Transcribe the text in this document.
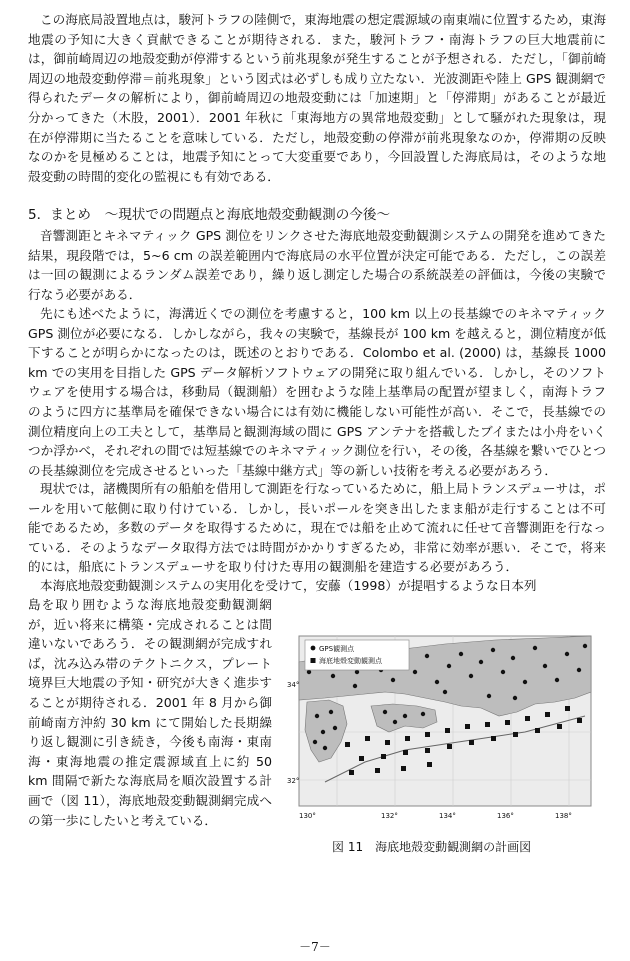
この海底局設置地点は，駿河トラフの陸側で，東海地震の想定震源域の南東端に位置するため，東海地震の予知に大きく貢献できることが期待される．また，駿河トラフ・南海トラフの巨大地震前には，御前崎周辺の地殻変動が停滞するという前兆現象が発生することが予想される．ただし，「御前崎周辺の地殻変動停滞＝前兆現象」という図式は必ずしも成り立たない．光波測距や陸上 GPS 観測網で得られたデータの解析により，御前崎周辺の地殻変動には「加速期」と「停滞期」があることが最近分かってきた（木股，2001）．2001 年秋に「東海地方の異常地殻変動」として騒がれた現象は，現在が停滞期に当たることを意味している．ただし，地殻変動の停滞が前兆現象なのか，停滞期の反映なのかを見極めることは，地震予知にとって大変重要であり，今回設置した海底局は，そのような地殻変動の時間的変化の監視にも有効である．

5．まとめ　～現状での問題点と海底地殻変動観測の今後～

音響測距とキネマティック GPS 測位をリンクさせた海底地殻変動観測システムの開発を進めてきた結果，現段階では，5~6 cm の誤差範囲内で海底局の水平位置が決定可能である．ただし，この誤差は一回の観測によるランダム誤差であり，繰り返し測定した場合の系統誤差の評価は，今後の実験で行なう必要がある．

先にも述べたように，海溝近くでの測位を考慮すると，100 km 以上の長基線でのキネマティック GPS 測位が必要になる．しかしながら，我々の実験で，基線長が 100 km を越えると，測位精度が低下することが明らかになったのは，既述のとおりである．Colombo et al. (2000) は，基線長 1000 km での実用を目指した GPS データ解析ソフトウェアの開発に取り組んでいる．しかし，そのソフトウェアを使用する場合は，移動局（観測船）を囲むような陸上基準局の配置が望ましく，南海トラフのように四方に基準局を確保できない場合には有効に機能しない可能性が高い．そこで，長基線での測位精度向上の工夫として，基準局と観測海域の間に GPS アンテナを搭載したブイまたは小舟をいくつか浮かべ，それぞれの間では短基線でのキネマティック測位を行い，その後，各基線を繋いでひとつの長基線測位を完成させるといった「基線中継方式」等の新しい技術を考える必要があろう．

現状では，諸機関所有の船舶を借用して測距を行なっているために，船上局トランスデューサは，ポールを用いて舷側に取り付けている．しかし，長いポールを突き出したまま船が走行することは不可能であるため，多数のデータを取得するために，現在では船を止めて流れに任せて音響測距を行なっている．そのようなデータ取得方法では時間がかかりすぎるため，非常に効率が悪い．そこで，将来的には，船底にトランスデューサを取り付けた専用の観測船を建造する必要があろう．

本海底地殻変動観測システムの実用化を受けて，安藤（1998）が提唱するような日本列

島を取り囲むような海底地殻変動観測網が，近い将来に構築・完成されることは間違いないであろう．その観測網が完成すれば，沈み込み帯のテクトニクス，プレート境界巨大地震の予知・研究が大きく進歩することが期待される．2001 年 8 月から御前崎南方沖約 30 km にて開始した長期繰り返し観測に引き続き，今後も南海・東南海・東海地震の推定震源域直上に約 50 km 間隔で新たな海底局を順次設置する計画で（図 11），海底地殻変動観測網完成への第一歩にしたいと考えている．

GPS観測点
海底地殻変動観測点
34°
32°
130°	132°	134°	136°	138°

図 11　海底地殻変動観測網の計画図

－7－
